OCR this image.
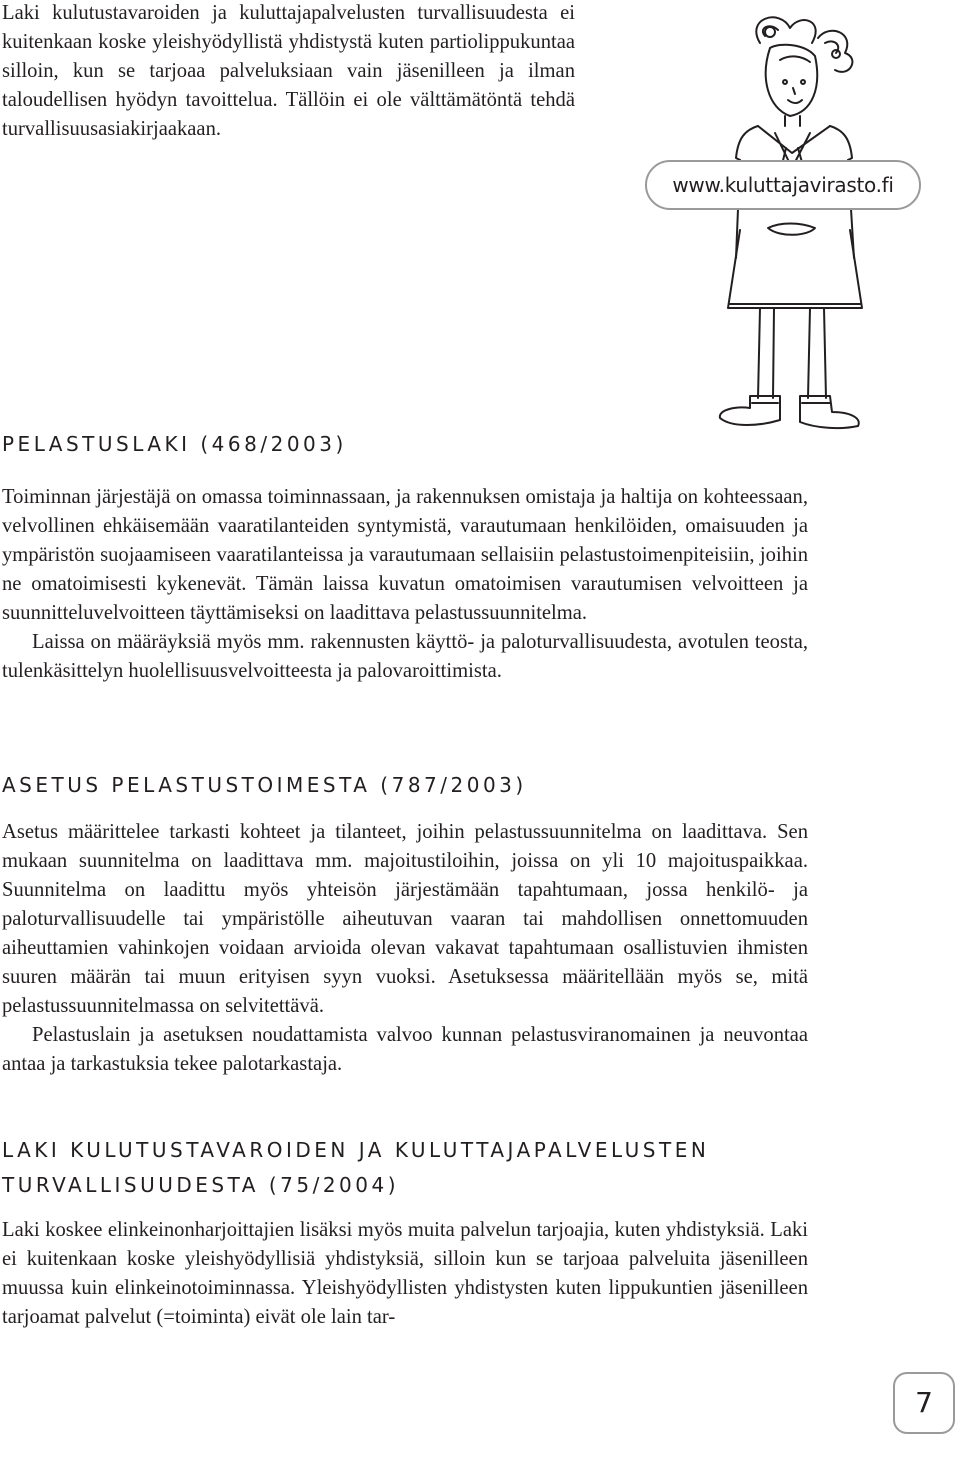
Laki kulutustavaroiden ja kuluttajapalvelusten turvallisuudesta ei kuitenkaan koske yleishyödyllistä yhdistystä kuten partiolippukuntaa silloin, kun se tarjoaa palveluksiaan vain jäsenilleen ja ilman taloudellisen hyödyn tavoittelua. Tällöin ei ole välttämätöntä tehdä turvallisuusasiakirjaakaan.

www.kuluttajavirasto.fi
PELASTUSLAKI (468/2003)

Toiminnan järjestäjä on omassa toiminnassaan, ja rakennuksen omistaja ja haltija on kohteessaan, velvollinen ehkäisemään vaaratilanteiden syntymistä, varautumaan henkilöiden, omaisuuden ja ympäristön suojaamiseen vaaratilanteissa ja varautumaan sellaisiin pelastustoimenpiteisiin, joihin ne omatoimisesti kykenevät. Tämän laissa kuvatun omatoimisen varautumisen velvoitteen ja suunnitteluvelvoitteen täyttämiseksi on laadittava pelastussuunnitelma.

Laissa on määräyksiä myös mm. rakennusten käyttö- ja paloturvallisuudesta, avotulen teosta, tulenkäsittelyn huolellisuusvelvoitteesta ja palovaroittimista.

ASETUS PELASTUSTOIMESTA (787/2003)

Asetus määrittelee tarkasti kohteet ja tilanteet, joihin pelastussuunnitelma on laadittava. Sen mukaan suunnitelma on laadittava mm. majoitustiloihin, joissa on yli 10 majoituspaikkaa. Suunnitelma on laadittu myös yhteisön järjestämään tapahtumaan, jossa henkilö- ja paloturvallisuudelle tai ympäristölle aiheutuvan vaaran tai mahdollisen onnettomuuden aiheuttamien vahinkojen voidaan arvioida olevan vakavat tapahtumaan osallistuvien ihmisten suuren määrän tai muun erityisen syyn vuoksi. Asetuksessa määritellään myös se, mitä pelastussuunnitelmassa on selvitettävä.

Pelastuslain ja asetuksen noudattamista valvoo kunnan pelastusviranomainen ja neuvontaa antaa ja tarkastuksia tekee palotarkastaja.

LAKI KULUTUSTAVAROIDEN JA KULUTTAJAPALVELUSTEN
TURVALLISUUDESTA (75/2004)

Laki koskee elinkeinonharjoittajien lisäksi myös muita palvelun tarjoajia, kuten yhdistyksiä. Laki ei kuitenkaan koske yleishyödyllisiä yhdistyksiä, silloin kun se tarjoaa palveluita jäsenilleen muussa kuin elinkeinotoiminnassa. Yleishyödyllisten yhdistysten kuten lippukuntien jäsenilleen tarjoamat palvelut (=toiminta) eivät ole lain tar-

7
